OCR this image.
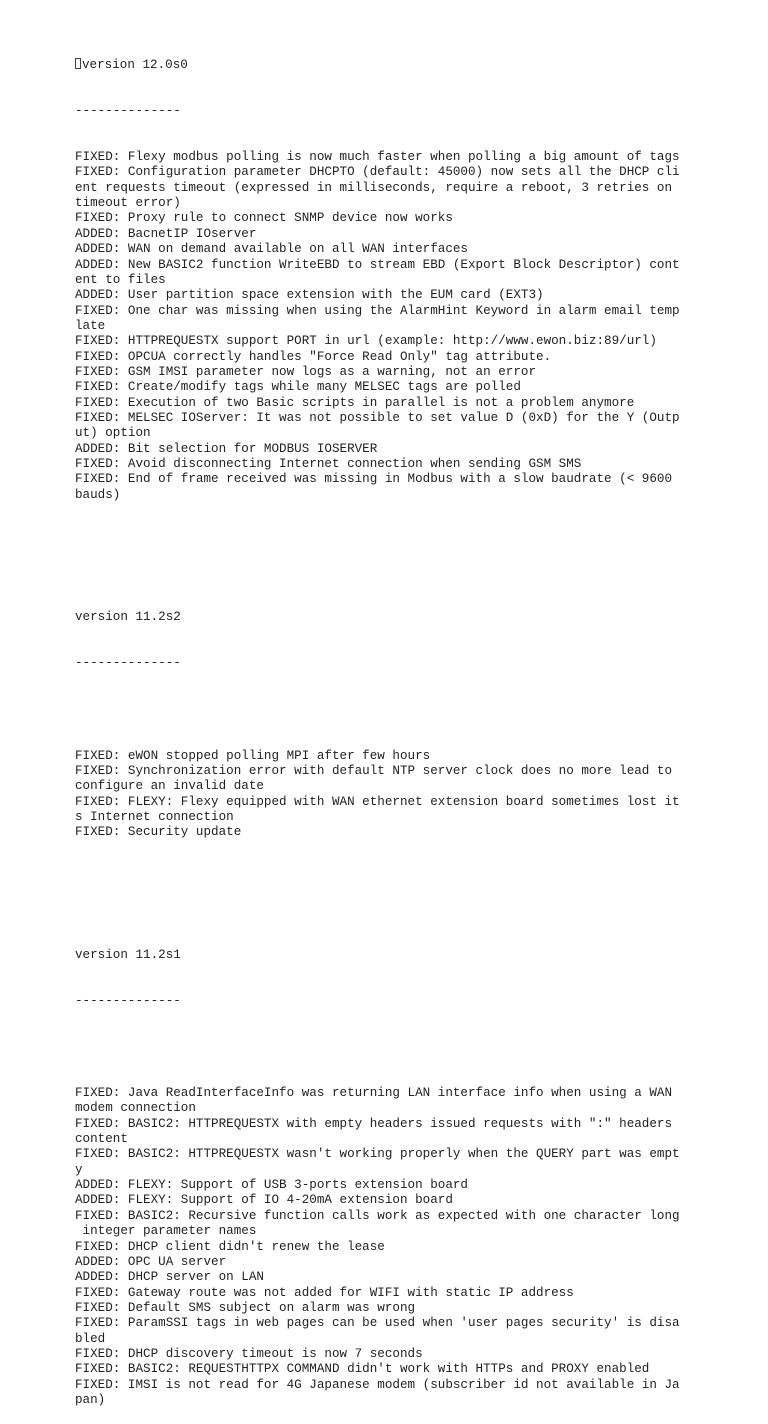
version 12.0s0

--------------

FIXED: Flexy modbus polling is now much faster when polling a big amount of tags
FIXED: Configuration parameter DHCPTO (default: 45000) now sets all the DHCP cli
ent requests timeout (expressed in milliseconds, require a reboot, 3 retries on
timeout error)
FIXED: Proxy rule to connect SNMP device now works
ADDED: BacnetIP IOserver
ADDED: WAN on demand available on all WAN interfaces
ADDED: New BASIC2 function WriteEBD to stream EBD (Export Block Descriptor) cont
ent to files
ADDED: User partition space extension with the EUM card (EXT3)
FIXED: One char was missing when using the AlarmHint Keyword in alarm email temp
late
FIXED: HTTPREQUESTX support PORT in url (example: http://www.ewon.biz:89/url)
FIXED: OPCUA correctly handles "Force Read Only" tag attribute.
FIXED: GSM IMSI parameter now logs as a warning, not an error
FIXED: Create/modify tags while many MELSEC tags are polled
FIXED: Execution of two Basic scripts in parallel is not a problem anymore
FIXED: MELSEC IOServer: It was not possible to set value D (0xD) for the Y (Outp
ut) option
ADDED: Bit selection for MODBUS IOSERVER
FIXED: Avoid disconnecting Internet connection when sending GSM SMS
FIXED: End of frame received was missing in Modbus with a slow baudrate (< 9600
bauds)

version 11.2s2

--------------

FIXED: eWON stopped polling MPI after few hours
FIXED: Synchronization error with default NTP server clock does no more lead to
configure an invalid date
FIXED: FLEXY: Flexy equipped with WAN ethernet extension board sometimes lost it
s Internet connection
FIXED: Security update

version 11.2s1

--------------

FIXED: Java ReadInterfaceInfo was returning LAN interface info when using a WAN
modem connection
FIXED: BASIC2: HTTPREQUESTX with empty headers issued requests with ":" headers
content
FIXED: BASIC2: HTTPREQUESTX wasn't working properly when the QUERY part was empt
y
ADDED: FLEXY: Support of USB 3-ports extension board
ADDED: FLEXY: Support of IO 4-20mA extension board
FIXED: BASIC2: Recursive function calls work as expected with one character long
integer parameter names
FIXED: DHCP client didn't renew the lease
ADDED: OPC UA server
ADDED: DHCP server on LAN
FIXED: Gateway route was not added for WIFI with static IP address
FIXED: Default SMS subject on alarm was wrong
FIXED: ParamSSI tags in web pages can be used when 'user pages security' is disa
bled
FIXED: DHCP discovery timeout is now 7 seconds
FIXED: BASIC2: REQUESTHTTPX COMMAND didn't work with HTTPs and PROXY enabled
FIXED: IMSI is not read for 4G Japanese modem (subscriber id not available in Ja
pan)
